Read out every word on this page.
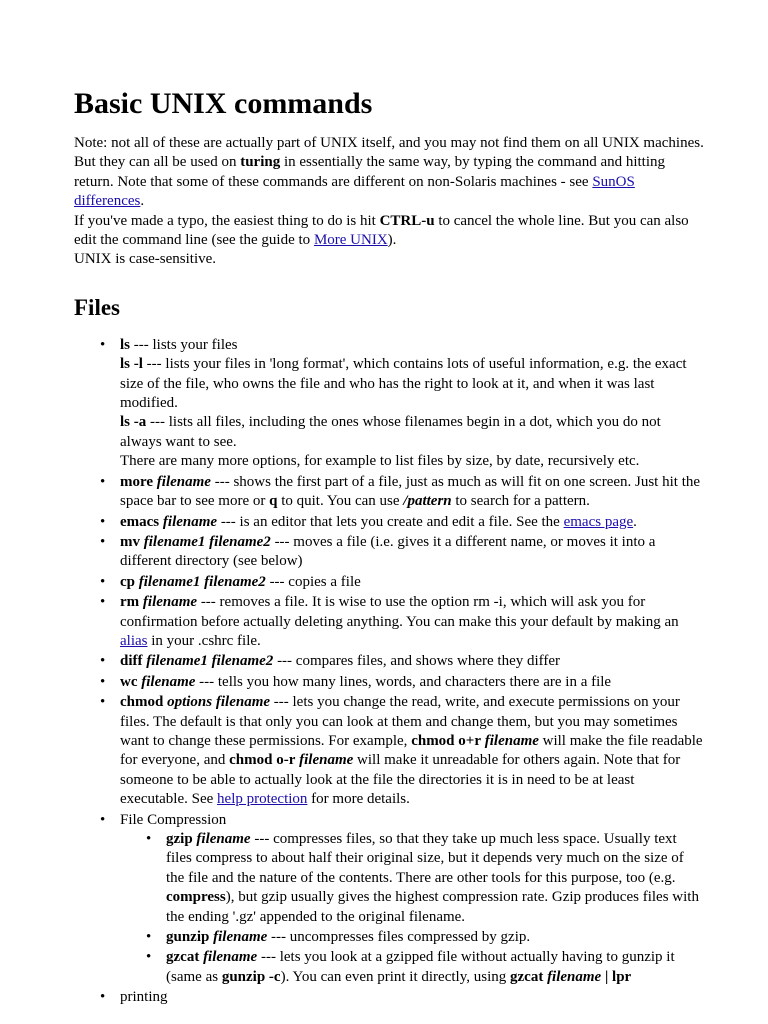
Basic UNIX commands

Note: not all of these are actually part of UNIX itself, and you may not find them on all UNIX machines. But they can all be used on turing in essentially the same way, by typing the command and hitting return. Note that some of these commands are different on non-Solaris machines - see SunOS differences.
If you've made a typo, the easiest thing to do is hit CTRL-u to cancel the whole line. But you can also edit the command line (see the guide to More UNIX).
UNIX is case-sensitive.

Files
• ls --- lists your files
ls -l --- lists your files in 'long format', which contains lots of useful information, e.g. the exact size of the file, who owns the file and who has the right to look at it, and when it was last modified.
ls -a --- lists all files, including the ones whose filenames begin in a dot, which you do not always want to see.
There are many more options, for example to list files by size, by date, recursively etc.
• more filename --- shows the first part of a file, just as much as will fit on one screen. Just hit the space bar to see more or q to quit. You can use /pattern to search for a pattern.
• emacs filename --- is an editor that lets you create and edit a file. See the emacs page.
• mv filename1 filename2 --- moves a file (i.e. gives it a different name, or moves it into a different directory (see below)
• cp filename1 filename2 --- copies a file
• rm filename --- removes a file. It is wise to use the option rm -i, which will ask you for confirmation before actually deleting anything. You can make this your default by making an alias in your .cshrc file.
• diff filename1 filename2 --- compares files, and shows where they differ
• wc filename --- tells you how many lines, words, and characters there are in a file
• chmod options filename --- lets you change the read, write, and execute permissions on your files. The default is that only you can look at them and change them, but you may sometimes want to change these permissions. For example, chmod o+r filename will make the file readable for everyone, and chmod o-r filename will make it unreadable for others again. Note that for someone to be able to actually look at the file the directories it is in need to be at least executable. See help protection for more details.
• File Compression
• gzip filename --- compresses files, so that they take up much less space. Usually text files compress to about half their original size, but it depends very much on the size of the file and the nature of the contents. There are other tools for this purpose, too (e.g. compress), but gzip usually gives the highest compression rate. Gzip produces files with the ending '.gz' appended to the original filename.
• gunzip filename --- uncompresses files compressed by gzip.
• gzcat filename --- lets you look at a gzipped file without actually having to gunzip it (same as gunzip -c). You can even print it directly, using gzcat filename | lpr
• printing
